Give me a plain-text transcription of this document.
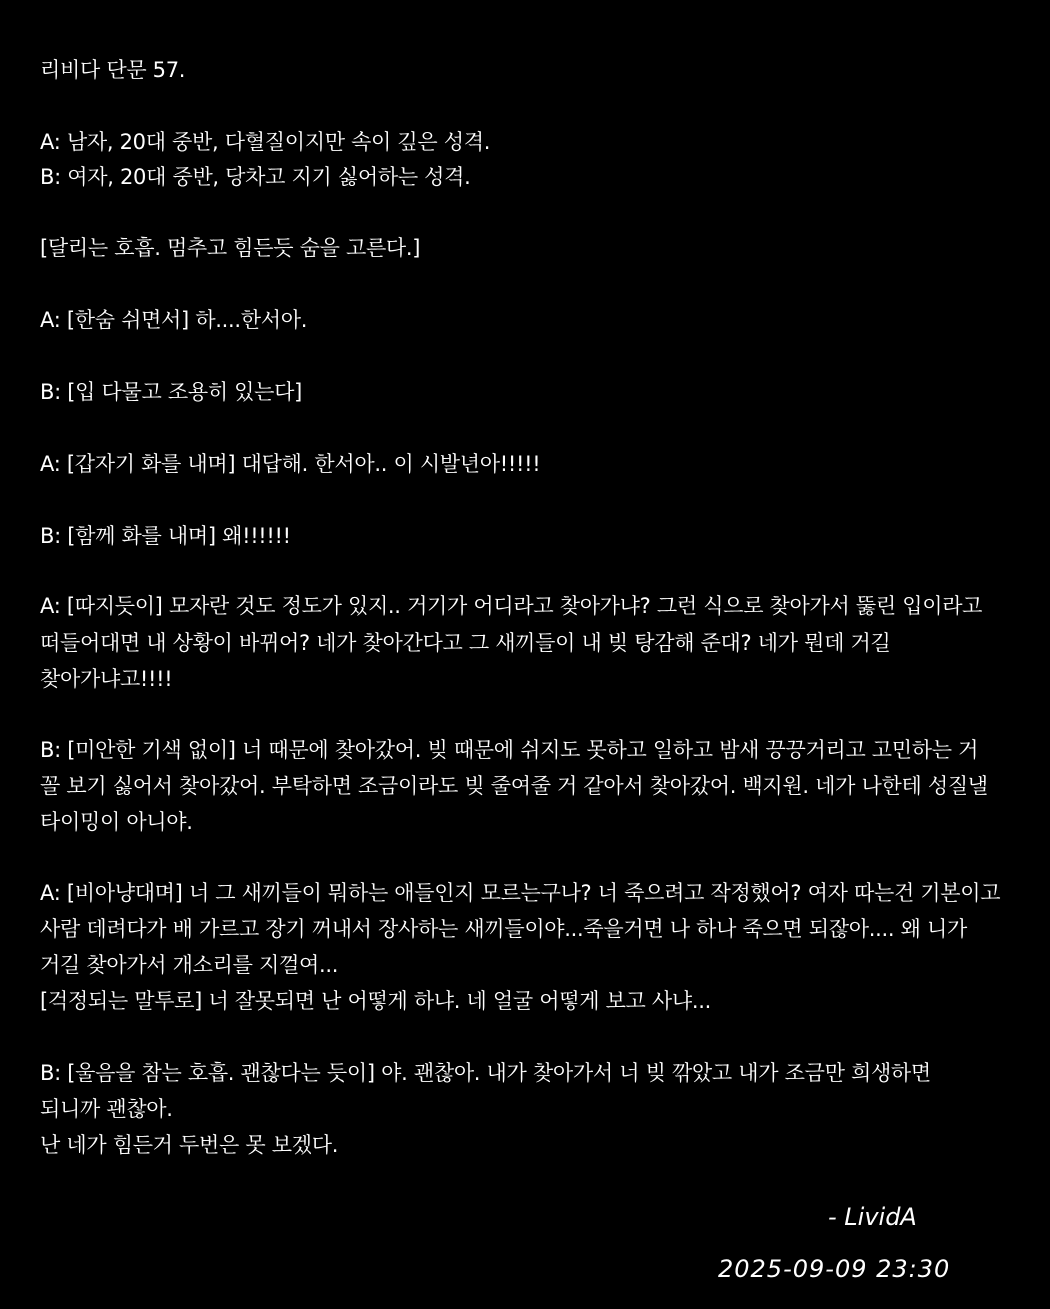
리비다 단문 57.
A: 남자, 20대 중반, 다혈질이지만 속이 깊은 성격.
B: 여자, 20대 중반, 당차고 지기 싫어하는 성격.
[달리는 호흡. 멈추고 힘든듯 숨을 고른다.]
A: [한숨 쉬면서] 하....한서아.
B: [입 다물고 조용히 있는다]
A: [갑자기 화를 내며] 대답해. 한서아.. 이 시발년아!!!!!
B: [함께 화를 내며] 왜!!!!!!
A: [따지듯이] 모자란 것도 정도가 있지.. 거기가 어디라고 찾아가냐? 그런 식으로 찾아가서 뚫린 입이라고
떠들어대면 내 상황이 바뀌어? 네가 찾아간다고 그 새끼들이 내 빚 탕감해 준대? 네가 뭔데 거길
찾아가냐고!!!!
B: [미안한 기색 없이] 너 때문에 찾아갔어. 빚 때문에 쉬지도 못하고 일하고 밤새 끙끙거리고 고민하는 거
꼴 보기 싫어서 찾아갔어. 부탁하면 조금이라도 빚 줄여줄 거 같아서 찾아갔어. 백지원. 네가 나한테 성질낼
타이밍이 아니야.
A: [비아냥대며] 너 그 새끼들이 뭐하는 애들인지 모르는구나? 너 죽으려고 작정했어? 여자 따는건 기본이고
사람 데려다가 배 가르고 장기 꺼내서 장사하는 새끼들이야...죽을거면 나 하나 죽으면 되잖아.... 왜 니가
거길 찾아가서 개소리를 지껄여...
[걱정되는 말투로] 너 잘못되면 난 어떻게 하냐. 네 얼굴 어떻게 보고 사냐...
B: [울음을 참는 호흡. 괜찮다는 듯이] 야. 괜찮아. 내가 찾아가서 너 빚 깎았고 내가 조금만 희생하면
되니까 괜찮아.
난 네가 힘든거 두번은 못 보겠다.
- LividA
2025-09-09 23:30
